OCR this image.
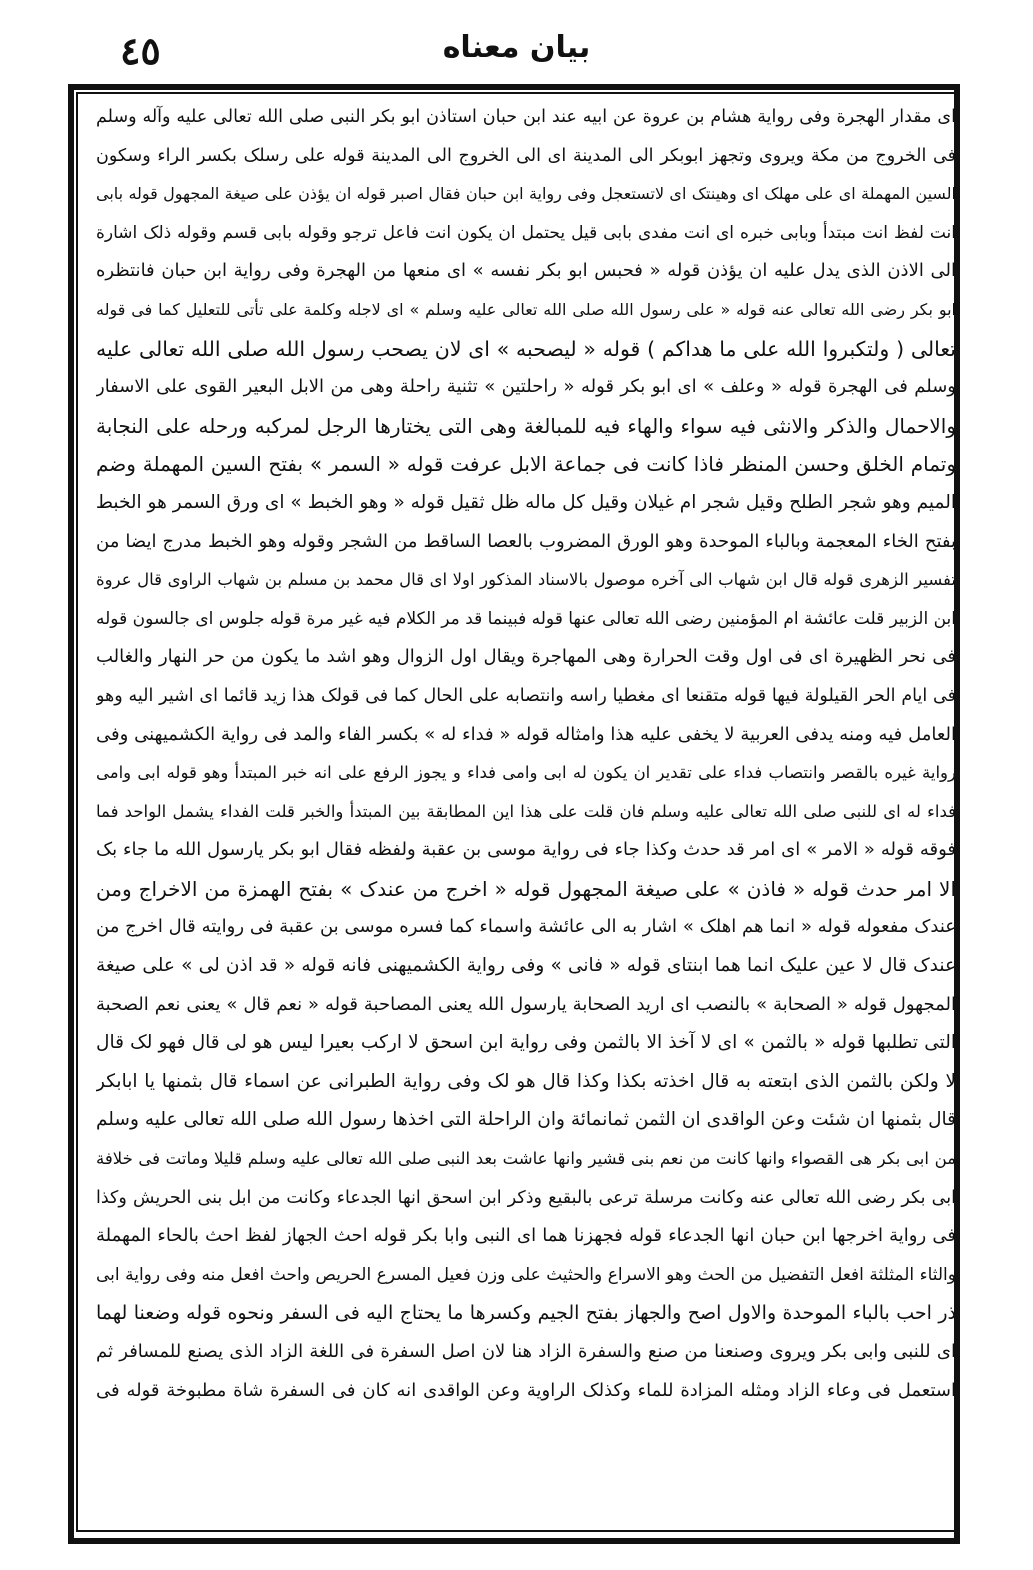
٤٥	بیان معناه
ای مقدار الهجرة وفی روایة هشام بن عروة عن ابیه عند ابن حبان استاذن ابو بکر النبی صلی الله تعالی علیه وآله وسلم
فی الخروج من مکة ویروی وتجهز ابوبکر الی المدینة ای الی الخروج الی المدینة قوله علی رسلک بکسر الراء وسکون
السین المهملة ای علی مهلک ای وهینتک ای لاتستعجل وفی روایة ابن حبان فقال اصبر قوله ان یؤذن علی صیغة المجهول قوله بابی
انت لفظ انت مبتدأ وبابی خبره ای انت مفدی بابی قیل یحتمل ان یکون انت فاعل ترجو وقوله بابی قسم وقوله ذلک اشارة
الی الاذن الذی یدل علیه ان یؤذن قوله « فحبس ابو بکر نفسه » ای منعها من الهجرة وفی روایة ابن حبان فانتظره
ابو بکر رضی الله تعالی عنه قوله « علی رسول الله صلی الله تعالی علیه وسلم » ای لاجله وکلمة علی تأتی للتعلیل کما فی قوله
تعالی ( ولتکبروا الله علی ما هداکم ) قوله « لیصحبه » ای لان یصحب رسول الله صلی الله تعالی علیه
وسلم فی الهجرة قوله « وعلف » ای ابو بکر قوله « راحلتین » تثنیة راحلة وهی من الابل البعیر القوی علی الاسفار
والاحمال والذکر والانثی فیه سواء والهاء فیه للمبالغة وهی التی یختارها الرجل لمرکبه ورحله علی النجابة
وتمام الخلق وحسن المنظر فاذا کانت فی جماعة الابل عرفت قوله « السمر » بفتح السین المهملة وضم
المیم وهو شجر الطلح وقیل شجر ام غیلان وقیل کل ماله ظل ثقیل قوله « وهو الخبط » ای ورق السمر هو الخبط
بفتح الخاء المعجمة وبالباء الموحدة وهو الورق المضروب بالعصا الساقط من الشجر وقوله وهو الخبط مدرج ایضا من
تفسیر الزهری قوله قال ابن شهاب الی آخره موصول بالاسناد المذکور اولا ای قال محمد بن مسلم بن شهاب الراوی قال عروة
ابن الزبیر قلت عائشة ام المؤمنین رضی الله تعالی عنها قوله فبینما قد مر الکلام فیه غیر مرة قوله جلوس ای جالسون قوله
فی نحر الظهیرة ای فی اول وقت الحرارة وهی المهاجرة ویقال اول الزوال وهو اشد ما یکون من حر النهار والغالب
فی ایام الحر القیلولة فیها قوله متقنعا ای مغطیا راسه وانتصابه علی الحال کما فی قولک هذا زید قائما ای اشیر الیه وهو
العامل فیه ومنه یدفی العربیة لا یخفی علیه هذا وامثاله قوله « فداء له » بکسر الفاء والمد فی روایة الکشمیهنی وفی
روایة غیره بالقصر وانتصاب فداء علی تقدیر ان یکون له ابی وامی فداء و یجوز الرفع علی انه خبر المبتدأ وهو قوله ابی وامی
فداء له ای للنبی صلی الله تعالی علیه وسلم فان قلت علی هذا این المطابقة بین المبتدأ والخبر قلت الفداء یشمل الواحد فما
فوقه قوله « الامر » ای امر قد حدث وکذا جاء فی روایة موسی بن عقبة ولفظه فقال ابو بکر یارسول الله ما جاء بک
الا امر حدث قوله « فاذن » علی صیغة المجهول قوله « اخرج من عندک » بفتح الهمزة من الاخراج ومن
عندک مفعوله قوله « انما هم اهلک » اشار به الی عائشة واسماء کما فسره موسی بن عقبة فی روایته قال اخرج من
عندک قال لا عین علیک انما هما ابنتای قوله « فانی » وفی روایة الکشمیهنی فانه قوله « قد اذن لی » علی صیغة
المجهول قوله « الصحابة » بالنصب ای ارید الصحابة یارسول الله یعنی المصاحبة قوله « نعم قال » یعنی نعم الصحبة
التی تطلبها قوله « بالثمن » ای لا آخذ الا بالثمن وفی روایة ابن اسحق لا ارکب بعیرا لیس هو لی قال فهو لک قال
لا ولکن بالثمن الذی ابتعته به قال اخذته بکذا وکذا قال هو لک وفی روایة الطبرانی عن اسماء قال بثمنها یا ابابکر
قال بثمنها ان شئت وعن الواقدی ان الثمن ثمانمائة وان الراحلة التی اخذها رسول الله صلی الله تعالی علیه وسلم
من ابی بکر هی القصواء وانها کانت من نعم بنی قشیر وانها عاشت بعد النبی صلی الله تعالی علیه وسلم قلیلا وماتت فی خلافة
ابی بکر رضی الله تعالی عنه وکانت مرسلة ترعی بالبقیع وذکر ابن اسحق انها الجدعاء وکانت من ابل بنی الحریش وکذا
فی روایة اخرجها ابن حبان انها الجدعاء قوله فجهزنا هما ای النبی وابا بکر قوله احث الجهاز لفظ احث بالحاء المهملة
والثاء المثلثة افعل التفضیل من الحث وهو الاسراع والحثیث علی وزن فعیل المسرع الحریص واحث افعل منه وفی روایة ابی
ذر احب بالباء الموحدة والاول اصح والجهاز بفتح الجیم وکسرها ما یحتاج الیه فی السفر ونحوه قوله وضعنا لهما
ای للنبی وابی بکر ویروی وصنعنا من صنع والسفرة الزاد هنا لان اصل السفرة فی اللغة الزاد الذی یصنع للمسافر ثم
استعمل فی وعاء الزاد ومثله المزادة للماء وکذلک الراویة وعن الواقدی انه کان فی السفرة شاة مطبوخة قوله فی
